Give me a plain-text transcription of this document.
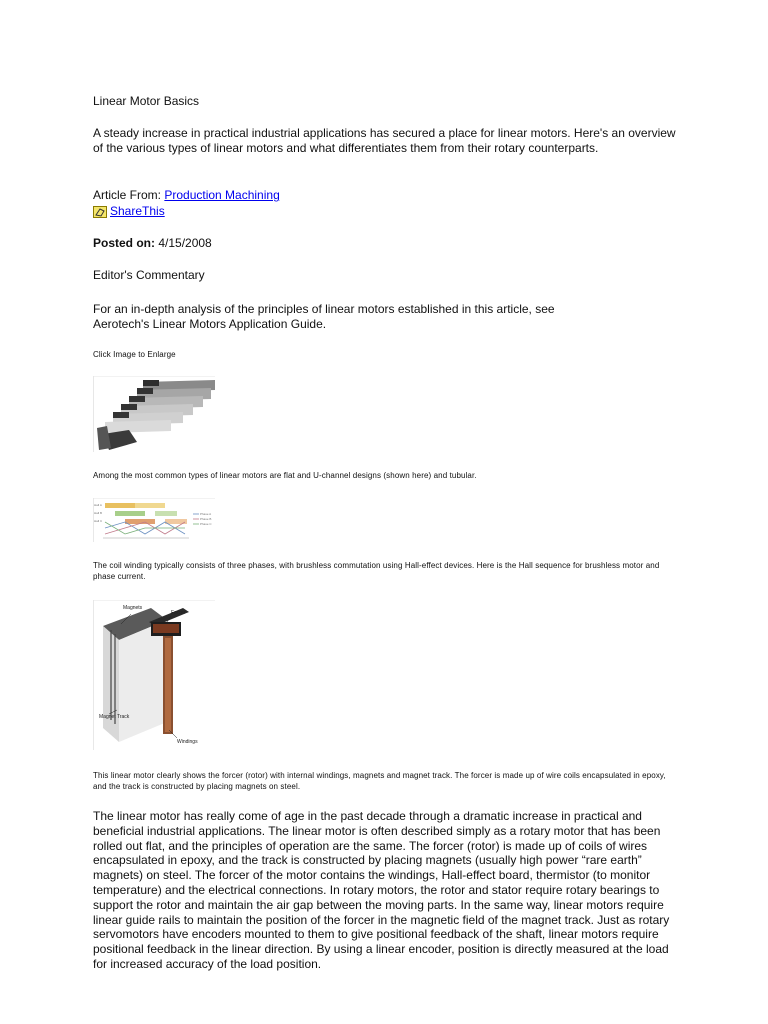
Linear Motor Basics

A steady increase in practical industrial applications has secured a place for linear motors. Here's an overview of the various types of linear motors and what differentiates them from their rotary counterparts.

Article From: Production Machining

ShareThis

Posted on: 4/15/2008

Editor's Commentary

For an in-depth analysis of the principles of linear motors established in this article, see Aerotech's Linear Motors Application Guide.

Click Image to Enlarge

Among the most common types of linear motors are flat and U-channel designs (shown here) and tubular.

Hall A
Hall B
Hall C
Phase A
Phase B
Phase C

The coil winding typically consists of three phases, with brushless commutation using Hall-effect devices. Here is the Hall sequence for brushless motor and phase current.

Magnets
Forcer
Magnet Track
Windings

This linear motor clearly shows the forcer (rotor) with internal windings, magnets and magnet track. The forcer is made up of wire coils encapsulated in epoxy, and the track is constructed by placing magnets on steel.

The linear motor has really come of age in the past decade through a dramatic increase in practical and beneficial industrial applications. The linear motor is often described simply as a rotary motor that has been rolled out flat, and the principles of operation are the same. The forcer (rotor) is made up of coils of wires encapsulated in epoxy, and the track is constructed by placing magnets (usually high power “rare earth” magnets) on steel. The forcer of the motor contains the windings, Hall-effect board, thermistor (to monitor temperature) and the electrical connections. In rotary motors, the rotor and stator require rotary bearings to support the rotor and maintain the air gap between the moving parts. In the same way, linear motors require linear guide rails to maintain the position of the forcer in the magnetic field of the magnet track. Just as rotary servomotors have encoders mounted to them to give positional feedback of the shaft, linear motors require positional feedback in the linear direction. By using a linear encoder, position is directly measured at the load for increased accuracy of the load position.
